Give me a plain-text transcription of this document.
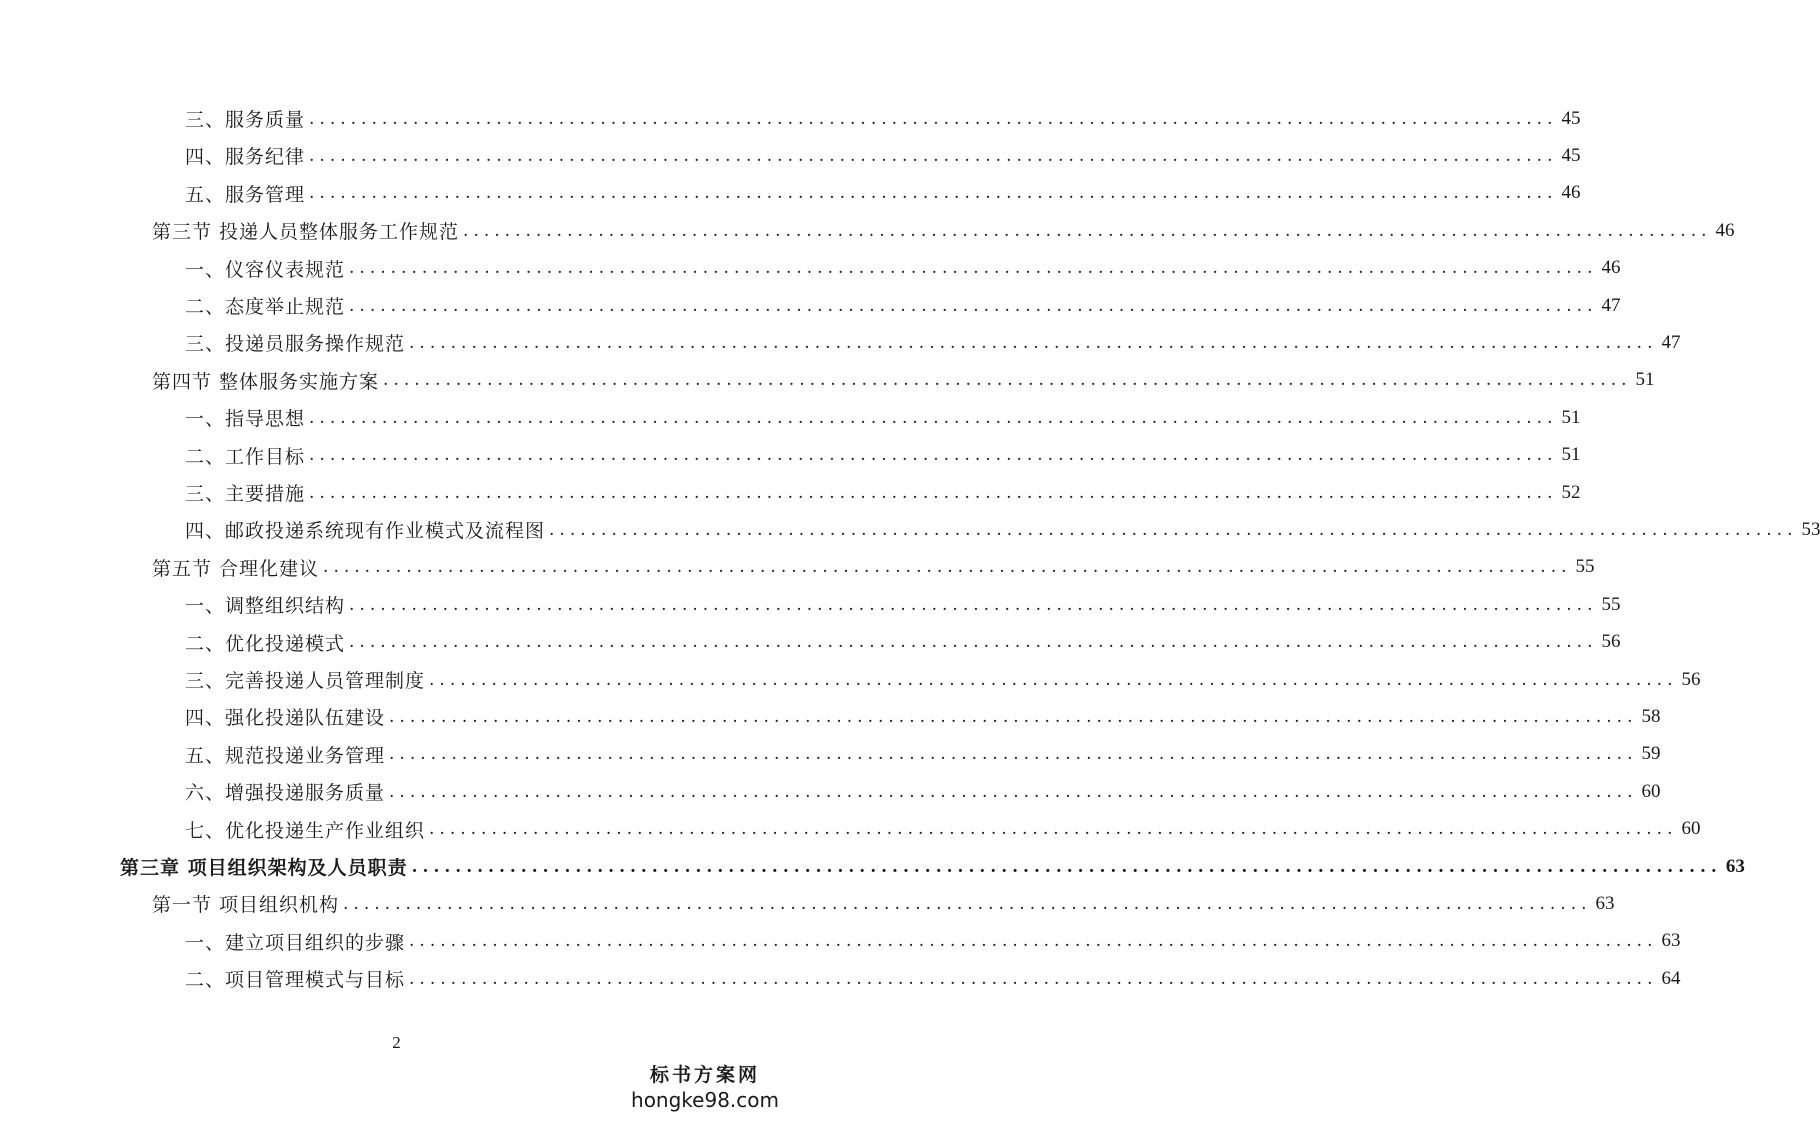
三、服务质量 ........................................................................................................................ 45
四、服务纪律 ........................................................................................................................ 45
五、服务管理 ........................................................................................................................ 46
第三节 投递人员整体服务工作规范 ........................................................................................................................ 46
一、仪容仪表规范 ........................................................................................................................ 46
二、态度举止规范 ........................................................................................................................ 47
三、投递员服务操作规范 ........................................................................................................................ 47
第四节 整体服务实施方案 ........................................................................................................................ 51
一、指导思想 ........................................................................................................................ 51
二、工作目标 ........................................................................................................................ 51
三、主要措施 ........................................................................................................................ 52
四、邮政投递系统现有作业模式及流程图 ........................................................................................................................ 53
第五节 合理化建议 ........................................................................................................................ 55
一、调整组织结构 ........................................................................................................................ 55
二、优化投递模式 ........................................................................................................................ 56
三、完善投递人员管理制度 ........................................................................................................................ 56
四、强化投递队伍建设 ........................................................................................................................ 58
五、规范投递业务管理 ........................................................................................................................ 59
六、增强投递服务质量 ........................................................................................................................ 60
七、优化投递生产作业组织 ........................................................................................................................ 60
第三章 项目组织架构及人员职责 ........................................................................................................................ 63
第一节 项目组织机构 ........................................................................................................................ 63
一、建立项目组织的步骤 ........................................................................................................................ 63
二、项目管理模式与目标 ........................................................................................................................ 64
2
标书方案网
hongke98.com
